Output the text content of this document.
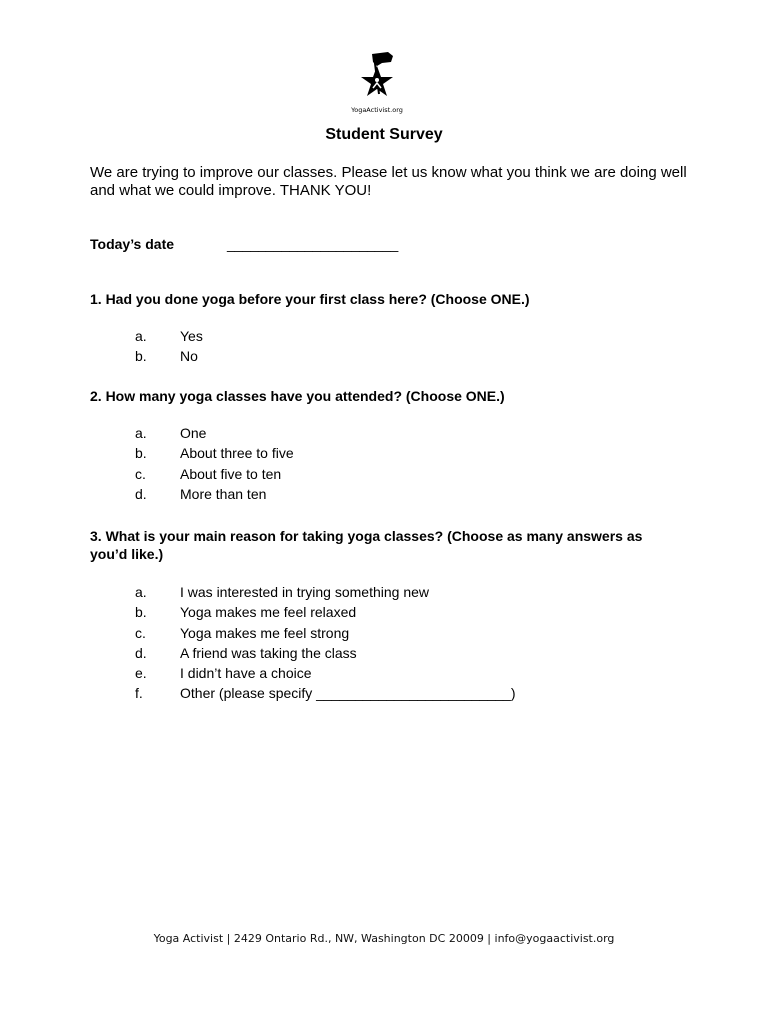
YogaActivist.org
Student Survey
We are trying to improve our classes. Please let us know what you think we are doing well and what we could improve. THANK YOU!
Today’s date	______________________
1. Had you done yoga before your first class here? (Choose ONE.)
a. Yes
b. No
2. How many yoga classes have you attended? (Choose ONE.)
a. One
b. About three to five
c. About five to ten
d. More than ten
3. What is your main reason for taking yoga classes? (Choose as many answers as you’d like.)
a. I was interested in trying something new
b. Yoga makes me feel relaxed
c. Yoga makes me feel strong
d. A friend was taking the class
e. I didn’t have a choice
f.	Other (please specify _________________________)
Yoga Activist | 2429 Ontario Rd., NW, Washington DC 20009 | info@yogaactivist.org
